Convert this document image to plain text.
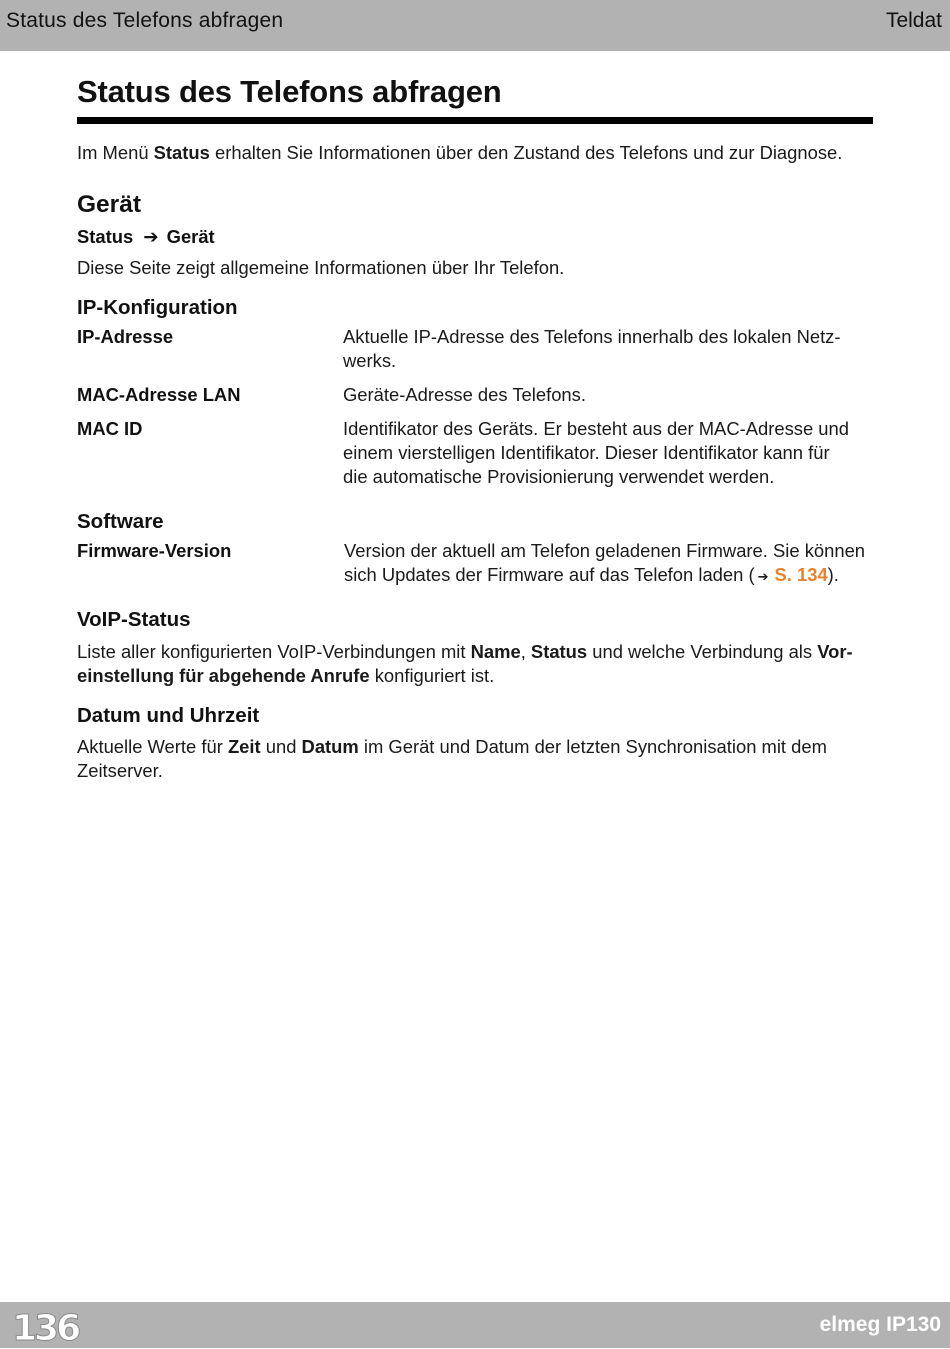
Status des Telefons abfragen	Teldat
Status des Telefons abfragen
Im Menü Status erhalten Sie Informationen über den Zustand des Telefons und zur Diagnose.
Gerät
Status ➔ Gerät
Diese Seite zeigt allgemeine Informationen über Ihr Telefon.
IP-Konfiguration
IP-Adresse	Aktuelle IP-Adresse des Telefons innerhalb des lokalen Netz-
werks.
MAC-Adresse LAN	Geräte-Adresse des Telefons.
MAC ID	Identifikator des Geräts. Er besteht aus der MAC-Adresse und
einem vierstelligen Identifikator. Dieser Identifikator kann für
die automatische Provisionierung verwendet werden.
Software
Firmware-Version	Version der aktuell am Telefon geladenen Firmware. Sie können
sich Updates der Firmware auf das Telefon laden ( ➔ S. 134).
VoIP-Status
Liste aller konfigurierten VoIP-Verbindungen mit Name, Status und welche Verbindung als Vor-
einstellung für abgehende Anrufe konfiguriert ist.
Datum und Uhrzeit
Aktuelle Werte für Zeit und Datum im Gerät und Datum der letzten Synchronisation mit dem
Zeitserver.
136	elmeg IP130
